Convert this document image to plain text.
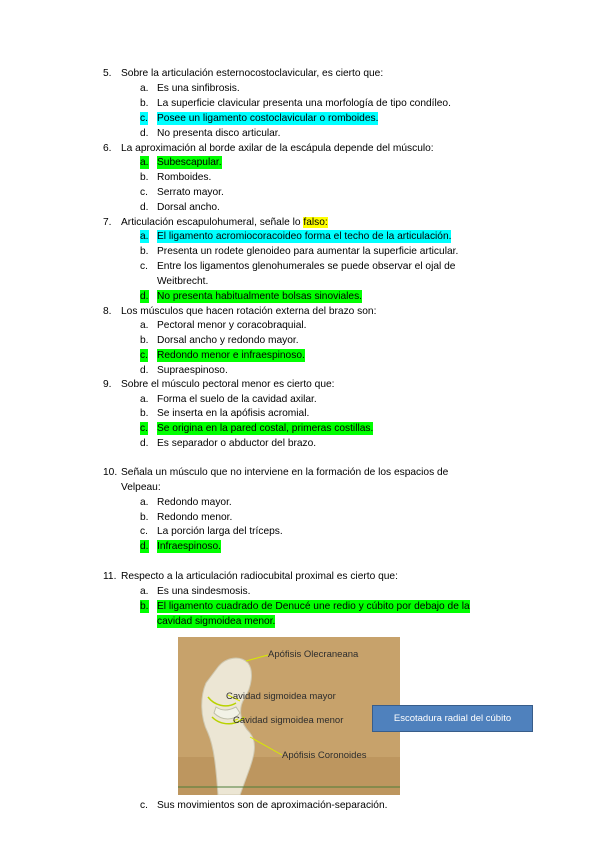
5. Sobre la articulación esternocostoclavicular, es cierto que:
a. Es una sinfibrosis.
b. La superficie clavicular presenta una morfología de tipo condíleo.
c. Posee un ligamento costoclavicular o romboides.
d. No presenta disco articular.
6. La aproximación al borde axilar de la escápula depende del músculo:
a. Subescapular.
b. Romboides.
c. Serrato mayor.
d. Dorsal ancho.
7. Articulación escapulohumeral, señale lo falso:
a. El ligamento acromiocoracoideo forma el techo de la articulación.
b. Presenta un rodete glenoideo para aumentar la superficie articular.
c. Entre los ligamentos glenohumerales se puede observar el ojal de
Weitbrecht.
d. No presenta habitualmente bolsas sinoviales.
8. Los músculos que hacen rotación externa del brazo son:
a. Pectoral menor y coracobraquial.
b. Dorsal ancho y redondo mayor.
c. Redondo menor e infraespinoso.
d. Supraespinoso.
9. Sobre el músculo pectoral menor es cierto que:
a. Forma el suelo de la cavidad axilar.
b. Se inserta en la apófisis acromial.
c. Se origina en la pared costal, primeras costillas.
d. Es separador o abductor del brazo.
10. Señala un músculo que no interviene en la formación de los espacios de
Velpeau:
a. Redondo mayor.
b. Redondo menor.
c. La porción larga del tríceps.
d. Infraespinoso.
11. Respecto a la articulación radiocubital proximal es cierto que:
a. Es una sindesmosis.
b. El ligamento cuadrado de Denucé une redio y cúbito por debajo de la
cavidad sigmoidea menor.
c. Sus movimientos son de aproximación-separación.
Apófisis Olecraneana
Cavidad sigmoidea mayor
Cavidad sigmoidea menor
Apófisis Coronoides
Escotadura radial del cúbito
